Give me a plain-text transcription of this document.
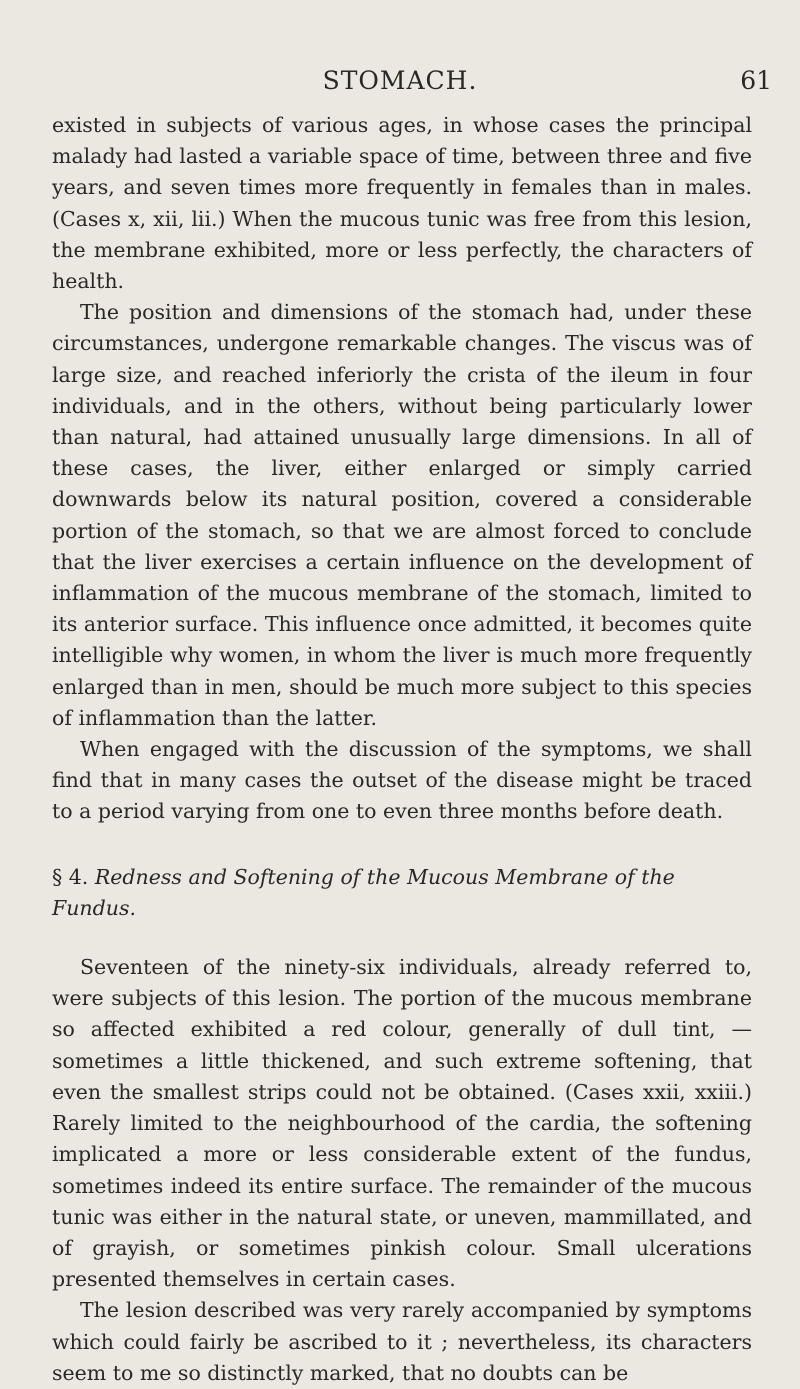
STOMACH.	61

existed in subjects of various ages, in whose cases the principal malady had lasted a variable space of time, between three and five years, and seven times more frequently in females than in males. (Cases x, xii, lii.) When the mucous tunic was free from this lesion, the membrane exhibited, more or less perfectly, the characters of health.

The position and dimensions of the stomach had, under these circumstances, undergone remarkable changes. The viscus was of large size, and reached inferiorly the crista of the ileum in four individuals, and in the others, without being particularly lower than natural, had attained unusually large dimensions. In all of these cases, the liver, either enlarged or simply carried downwards below its natural position, covered a considerable portion of the stomach, so that we are almost forced to conclude that the liver exercises a certain influence on the development of inflammation of the mucous membrane of the stomach, limited to its anterior surface. This influence once admitted, it becomes quite intelligible why women, in whom the liver is much more frequently enlarged than in men, should be much more subject to this species of inflammation than the latter.

When engaged with the discussion of the symptoms, we shall find that in many cases the outset of the disease might be traced to a period varying from one to even three months before death.

§ 4. Redness and Softening of the Mucous Membrane of the Fundus.

Seventeen of the ninety-six individuals, already referred to, were subjects of this lesion. The portion of the mucous membrane so affected exhibited a red colour, generally of dull tint, —sometimes a little thickened, and such extreme softening, that even the smallest strips could not be obtained. (Cases xxii, xxiii.) Rarely limited to the neighbourhood of the cardia, the softening implicated a more or less considerable extent of the fundus, sometimes indeed its entire surface. The remainder of the mucous tunic was either in the natural state, or uneven, mammillated, and of grayish, or sometimes pinkish colour. Small ulcerations presented themselves in certain cases.

The lesion described was very rarely accompanied by symptoms which could fairly be ascribed to it ; nevertheless, its characters seem to me so distinctly marked, that no doubts can be
